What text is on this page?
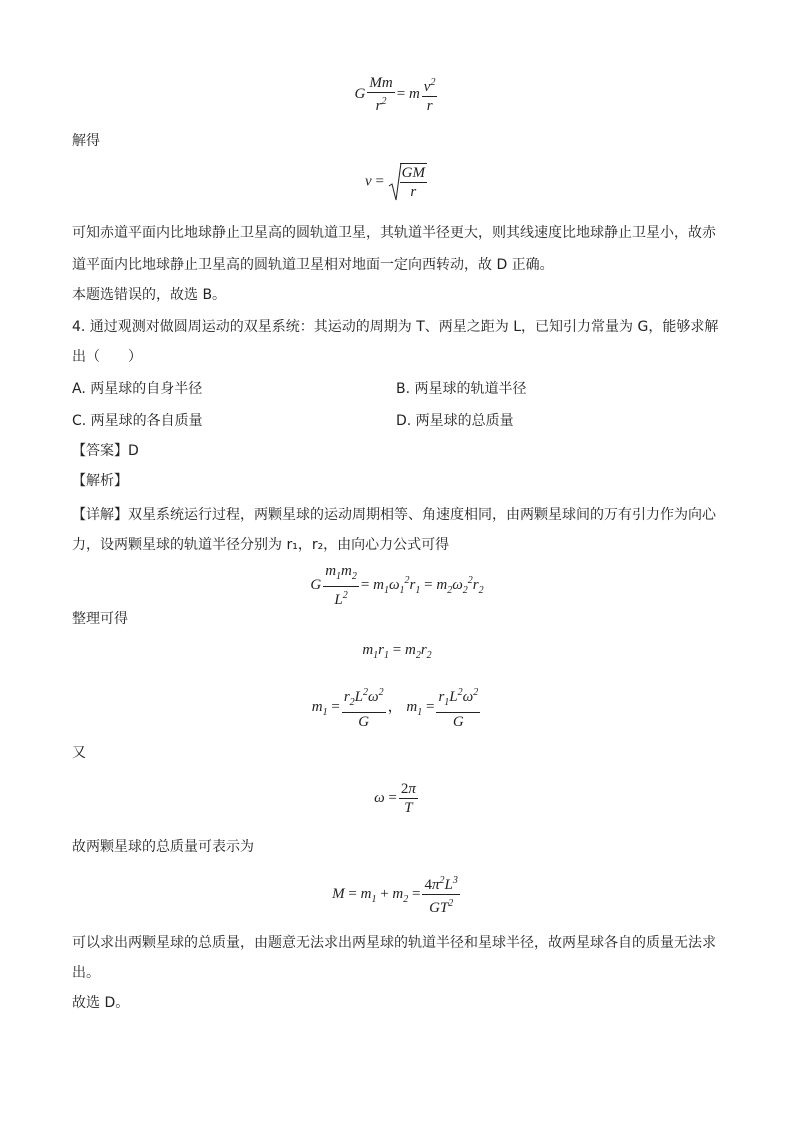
G $\frac{Mm}{r^2} = m \frac{v^2}{r}$

解得

$v = \frac{GM}{r}$

可知赤道平面内比地球静止卫星高的圆轨道卫星，其轨道半径更大，则其线速度比地球静止卫星小，故赤

道平面内比地球静止卫星高的圆轨道卫星相对地面一定向西转动，故 D 正确。

本题选错误的，故选 B。

4. 通过观测对做圆周运动的双星系统：其运动的周期为 T、两星之距为 L，已知引力常量为 G，能够求解

出（　　）

A. 两星球的自身半径	B. 两星球的轨道半径
C. 两星球的各自质量	D. 两星球的总质量

【答案】D

【解析】

【详解】双星系统运行过程，两颗星球的运动周期相等、角速度相同，由两颗星球间的万有引力作为向心

力，设两颗星球的轨道半径分别为 r₁，r₂，由向心力公式可得

G $\frac{m_1m_2}{L^2} = m_1\omega_1^2r_1 = m_2\omega_2^2r_2$

整理可得

$m_1r_1 = m_2r_2$
$m_1 = \frac{r_2L^2\omega^2}{G}$ ， $m_1 = \frac{r_1L^2\omega^2}{G}$

又

$\omega = \frac{2\pi}{T}$

故两颗星球的总质量可表示为

$M = m_1 + m_2 = \frac{4\pi^2L^3}{GT^2}$

可以求出两颗星球的总质量，由题意无法求出两星球的轨道半径和星球半径，故两星球各自的质量无法求

出。

故选 D。
